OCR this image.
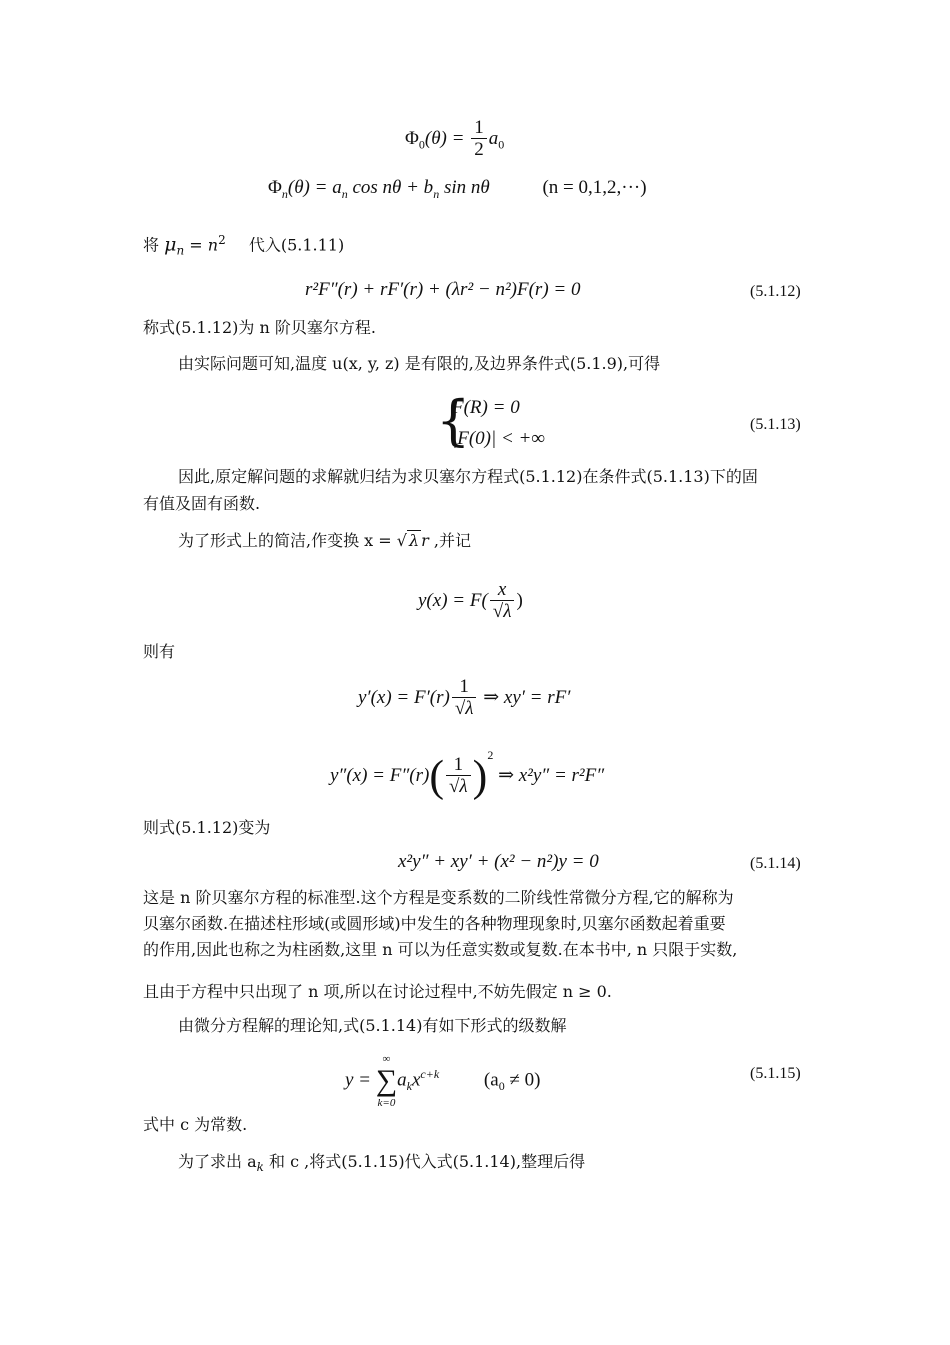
$\Phi_0(\theta) = \frac{1}{2} a_0$
$\Phi_n(\theta) = a_n$ $\cos n\theta + b_n$ sin nθ	(n = 0,1,2,···)
将 $\mu_n = n^2$ 代入(5.1.11)
r²F″(r) + rF′(r) + (λr² − n²)F(r) = 0	(5.1.12)
称式(5.1.12)为 n 阶贝塞尔方程.
由实际问题可知,温度 u(x, y, z) 是有限的,及边界条件式(5.1.9),可得
{
F(R) = 0
|F(0)| < +∞
(5.1.13)
因此,原定解问题的求解就归结为求贝塞尔方程式(5.1.12)在条件式(5.1.13)下的固
有值及固有函数.
为了形式上的简洁,作变换 x = √ λ r ,并记
$y(x) = F( \frac{x}{√\lambda}$ )
则有
$y'(x) = F'(r) \frac{1}{√\lambda}$ ⇒ xy′ = rF′
$y''(x) = F''(r)( \frac{1}{√\lambda} )^2$ ⇒ x²y″ = r²F″
则式(5.1.12)变为
x²y″ + xy′ + (x² − n²)y = 0	(5.1.14)
这是 n 阶贝塞尔方程的标准型.这个方程是变系数的二阶线性常微分方程,它的解称为
贝塞尔函数.在描述柱形域(或圆形域)中发生的各种物理现象时,贝塞尔函数起着重要
的作用,因此也称之为柱函数,这里 n 可以为任意实数或复数.在本书中, n 只限于实数,
且由于方程中只出现了 n 项,所以在讨论过程中,不妨先假定 n ≥ 0.
由微分方程解的理论知,式(5.1.14)有如下形式的级数解
y =
∞
∑
k=0
$a_kx^{c+k}$ $(a_0 \ne 0)$	(5.1.15)
式中 c 为常数.
为了求出 $a_k$ 和 c ,将式(5.1.15)代入式(5.1.14),整理后得
